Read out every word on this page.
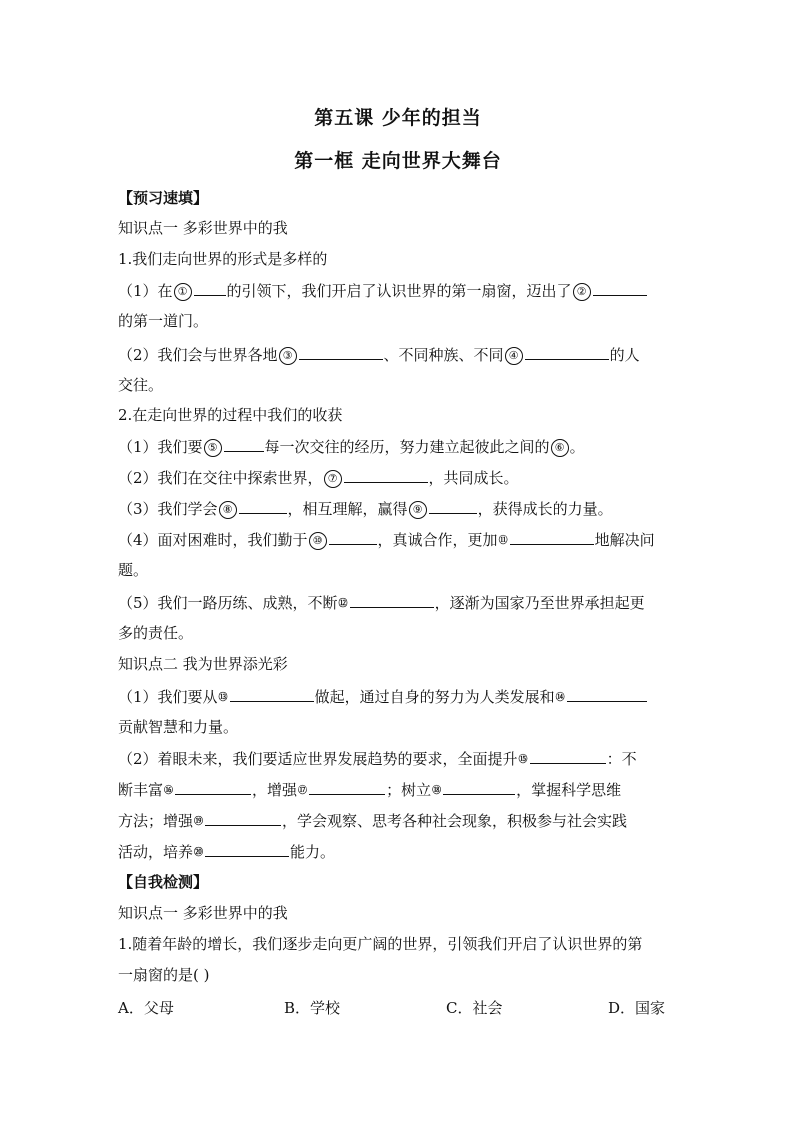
第五课 少年的担当
第一框 走向世界大舞台
【预习速填】
知识点一 多彩世界中的我
1.我们走向世界的形式是多样的
（1）在 ①	的引领下，我们开启了认识世界的第一扇窗，迈出了 ②
的第一道门。
（2）我们会与世界各地 ③	、不同种族、不同 ④	的人
交往。
2.在走向世界的过程中我们的收获
（1）我们要 ⑤	每一次交往的经历，努力建立起彼此之间的 ⑥ 。
（2）我们在交往中探索世界， ⑦	，共同成长。
（3）我们学会 ⑧	，相互理解，赢得 ⑨	，获得成长的力量。
（4）面对困难时，我们勤于 ⑩	，真诚合作，更加⑪	地解决问
题。
（5）我们一路历练、成熟，不断⑫	，逐渐为国家乃至世界承担起更
多的责任。
知识点二 我为世界添光彩
（1）我们要从⑬	做起，通过自身的努力为人类发展和⑭
贡献智慧和力量。
（2）着眼未来，我们要适应世界发展趋势的要求，全面提升⑮	：不
断丰富⑯	，增强⑰	；树立⑱	，掌握科学思维
方法；增强⑲	，学会观察、思考各种社会现象，积极参与社会实践
活动，培养⑳	能力。
【自我检测】
知识点一 多彩世界中的我
1.随着年龄的增长，我们逐步走向更广阔的世界，引领我们开启了认识世界的第
一扇窗的是( )
A．父母	B．学校	C．社会	D．国家
